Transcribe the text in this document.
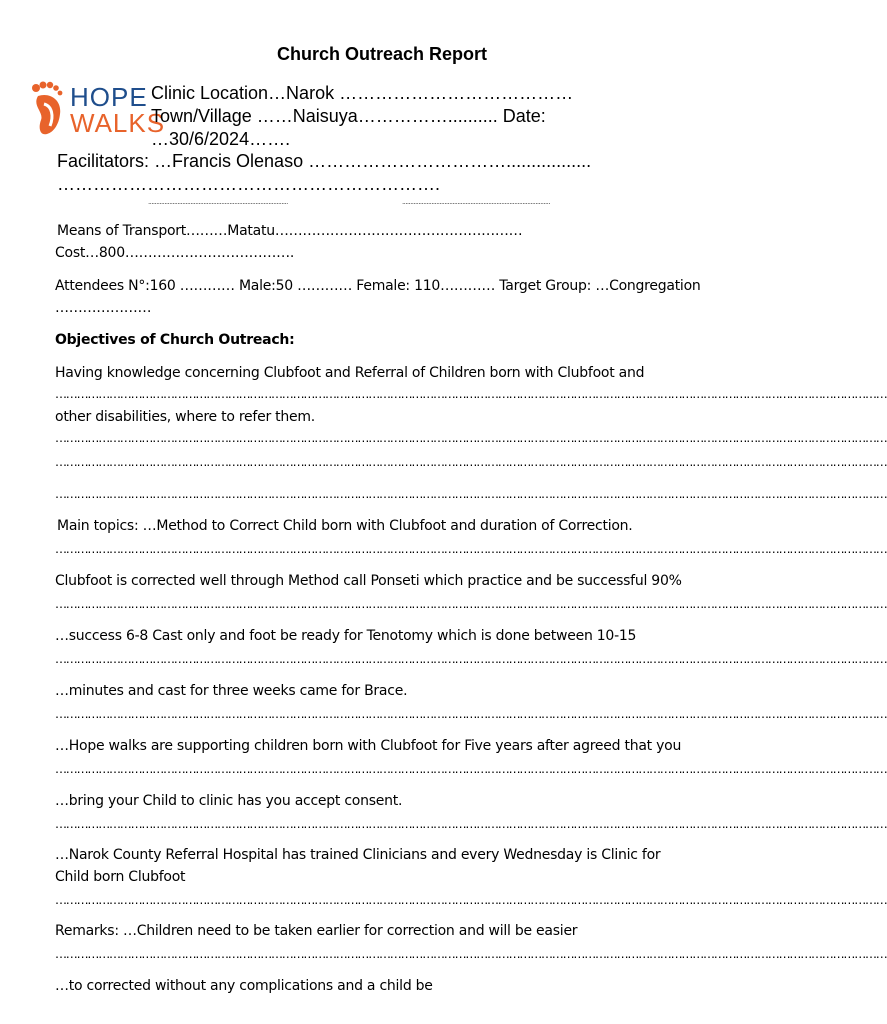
Church Outreach Report
HOPE
WALKS
Clinic Location…Narok …………………………………
Town/Village ……Naisuya…………….......... Date:
…30/6/2024…….
Facilitators: …Francis Olenaso …………………………….................
……………………………………………………….
......................................................................................	...........................................................................................
Means of Transport………Matatu………………………………………………
Cost…800……………………………….
Attendees N°:160 ………… Male:50 ………… Female: 110………… Target Group: …Congregation
…………………
Objectives of Church Outreach:
Having knowledge concerning Clubfoot and Referral of Children born with Clubfoot and
……………………………………………………………………………………………………………………………………………………………………………………………………………
other disabilities, where to refer them.
……………………………………………………………………………………………………………………………………………………………………………………………………………
……………………………………………………………………………………………………………………………………………………………………………………………………………
……………………………………………………………………………………………………………………………………………………………………………………………………………
Main topics: …Method to Correct Child born with Clubfoot and duration of Correction.
……………………………………………………………………………………………………………………………………………………………………………………………………………
Clubfoot is corrected well through Method call Ponseti which practice and be successful 90%
……………………………………………………………………………………………………………………………………………………………………………………………………………
…success 6-8 Cast only and foot be ready for Tenotomy which is done between 10-15
……………………………………………………………………………………………………………………………………………………………………………………………………………
…minutes and cast for three weeks came for Brace.
……………………………………………………………………………………………………………………………………………………………………………………………………………
…Hope walks are supporting children born with Clubfoot for Five years after agreed that you
……………………………………………………………………………………………………………………………………………………………………………………………………………
…bring your Child to clinic has you accept consent.
……………………………………………………………………………………………………………………………………………………………………………………………………………
…Narok County Referral Hospital has trained Clinicians and every Wednesday is Clinic for
Child born Clubfoot
……………………………………………………………………………………………………………………………………………………………………………………………………………
Remarks: …Children need to be taken earlier for correction and will be easier
……………………………………………………………………………………………………………………………………………………………………………………………………………
…to corrected without any complications and a child be
